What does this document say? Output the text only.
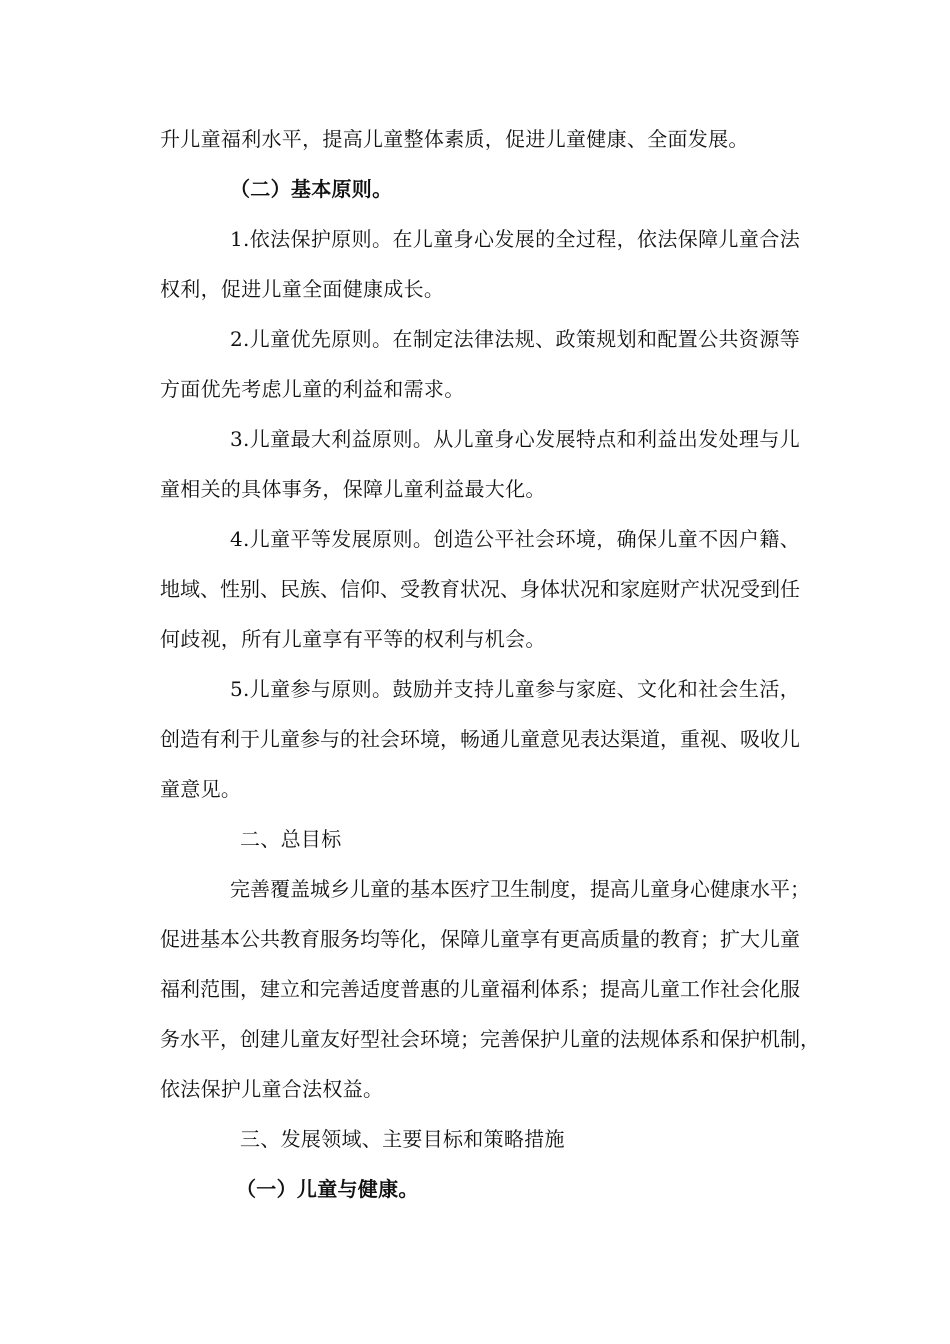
升儿童福利水平，提高儿童整体素质，促进儿童健康、全面发展。
（二）基本原则。
1.依法保护原则。在儿童身心发展的全过程，依法保障儿童合法
权利，促进儿童全面健康成长。
2.儿童优先原则。在制定法律法规、政策规划和配置公共资源等
方面优先考虑儿童的利益和需求。
3.儿童最大利益原则。从儿童身心发展特点和利益出发处理与儿
童相关的具体事务，保障儿童利益最大化。
4.儿童平等发展原则。创造公平社会环境，确保儿童不因户籍、
地域、性别、民族、信仰、受教育状况、身体状况和家庭财产状况受到任
何歧视，所有儿童享有平等的权利与机会。
5.儿童参与原则。鼓励并支持儿童参与家庭、文化和社会生活，
创造有利于儿童参与的社会环境，畅通儿童意见表达渠道，重视、吸收儿
童意见。
二、总目标
完善覆盖城乡儿童的基本医疗卫生制度，提高儿童身心健康水平；
促进基本公共教育服务均等化，保障儿童享有更高质量的教育；扩大儿童
福利范围，建立和完善适度普惠的儿童福利体系；提高儿童工作社会化服
务水平，创建儿童友好型社会环境；完善保护儿童的法规体系和保护机制，
依法保护儿童合法权益。
三、发展领域、主要目标和策略措施
（一）儿童与健康。
